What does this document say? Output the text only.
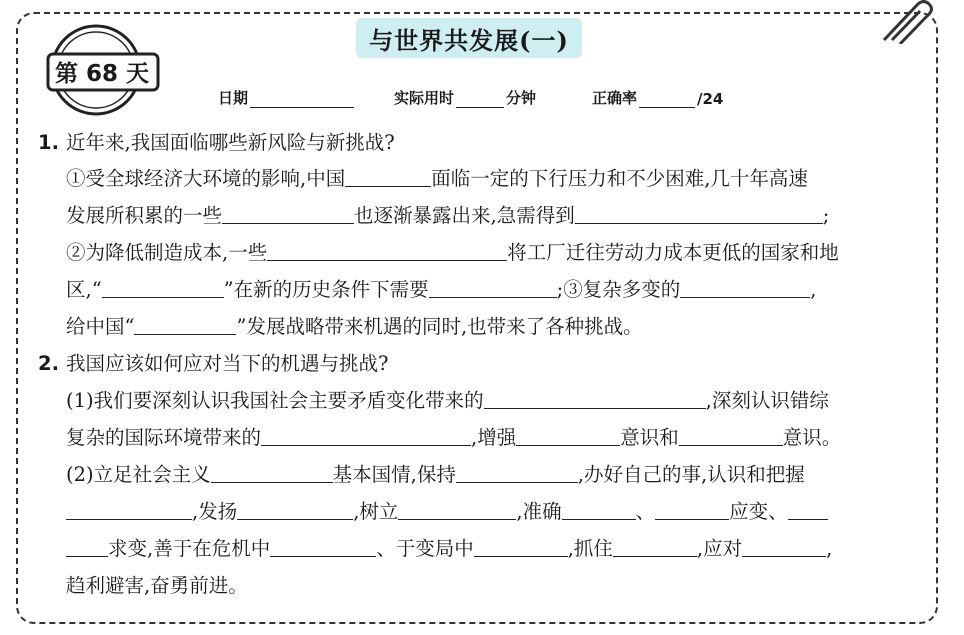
与世界共发展(一)
第 68 天
日期	实际用时	分钟	正确率	/24
1. 近年来,我国面临哪些新风险与新挑战?
①受全球经济大环境的影响,中国	面临一定的下行压力和不少困难,几十年高速
发展所积累的一些	也逐渐暴露出来,急需得到	;
②为降低制造成本,一些	将工厂迁往劳动力成本更低的国家和地
区,“	”在新的历史条件下需要	;③复杂多变的	,
给中国“	”发展战略带来机遇的同时,也带来了各种挑战。
2. 我国应该如何应对当下的机遇与挑战?
(1)我们要深刻认识我国社会主要矛盾变化带来的	,深刻认识错综
复杂的国际环境带来的	,增强	意识和	意识。
(2)立足社会主义	基本国情,保持	,办好自己的事,认识和把握
,发扬	,树立	,准确	、	应变、
求变,善于在危机中	、于变局中	,抓住	,应对	,
趋利避害,奋勇前进。
